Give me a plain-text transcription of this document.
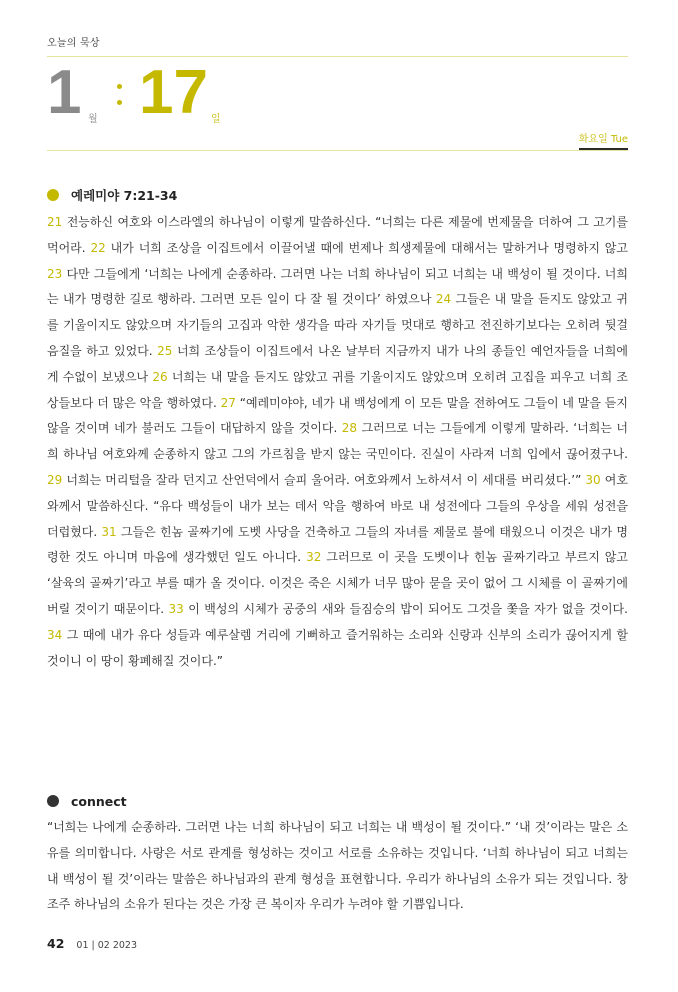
오늘의 묵상
1 월 17 일
화요일 Tue
예레미야 7:21-34

21 전능하신 여호와 이스라엘의 하나님이 이렇게 말씀하신다. “너희는 다른 제물에 번제물을 더하여 그 고기를 먹어라. 22 내가 너희 조상을 이집트에서 이끌어낼 때에 번제나 희생제물에 대해서는 말하거나 명령하지 않고 23 다만 그들에게 ‘너희는 나에게 순종하라. 그러면 나는 너희 하나님이 되고 너희는 내 백성이 될 것이다. 너희는 내가 명령한 길로 행하라. 그러면 모든 일이 다 잘 될 것이다’ 하였으나 24 그들은 내 말을 듣지도 않았고 귀를 기울이지도 않았으며 자기들의 고집과 악한 생각을 따라 자기들 멋대로 행하고 전진하기보다는 오히려 뒷걸음질을 하고 있었다. 25 너희 조상들이 이집트에서 나온 날부터 지금까지 내가 나의 종들인 예언자들을 너희에게 수없이 보냈으나 26 너희는 내 말을 듣지도 않았고 귀를 기울이지도 않았으며 오히려 고집을 피우고 너희 조상들보다 더 많은 악을 행하였다. 27 “예레미야야, 네가 내 백성에게 이 모든 말을 전하여도 그들이 네 말을 듣지 않을 것이며 네가 불러도 그들이 대답하지 않을 것이다. 28 그러므로 너는 그들에게 이렇게 말하라. ‘너희는 너희 하나님 여호와께 순종하지 않고 그의 가르침을 받지 않는 국민이다. 진실이 사라져 너희 입에서 끊어졌구나. 29 너희는 머리털을 잘라 던지고 산언덕에서 슬피 울어라. 여호와께서 노하셔서 이 세대를 버리셨다.’” 30 여호와께서 말씀하신다. “유다 백성들이 내가 보는 데서 악을 행하여 바로 내 성전에다 그들의 우상을 세워 성전을 더럽혔다. 31 그들은 힌놈 골짜기에 도벳 사당을 건축하고 그들의 자녀를 제물로 불에 태웠으니 이것은 내가 명령한 것도 아니며 마음에 생각했던 일도 아니다. 32 그러므로 이 곳을 도벳이나 힌놈 골짜기라고 부르지 않고 ‘살육의 골짜기’라고 부를 때가 올 것이다. 이것은 죽은 시체가 너무 많아 묻을 곳이 없어 그 시체를 이 골짜기에 버릴 것이기 때문이다. 33 이 백성의 시체가 공중의 새와 들짐승의 밥이 되어도 그것을 쫓을 자가 없을 것이다. 34 그 때에 내가 유다 성들과 예루살렘 거리에 기뻐하고 즐거워하는 소리와 신랑과 신부의 소리가 끊어지게 할 것이니 이 땅이 황폐해질 것이다.”

connect

“너희는 나에게 순종하라. 그러면 나는 너희 하나님이 되고 너희는 내 백성이 될 것이다.” ‘내 것’이라는 말은 소유를 의미합니다. 사랑은 서로 관계를 형성하는 것이고 서로를 소유하는 것입니다. ‘너희 하나님이 되고 너희는 내 백성이 될 것’이라는 말씀은 하나님과의 관계 형성을 표현합니다. 우리가 하나님의 소유가 되는 것입니다. 창조주 하나님의 소유가 된다는 것은 가장 큰 복이자 우리가 누려야 할 기쁨입니다.

42 01 | 02 2023
